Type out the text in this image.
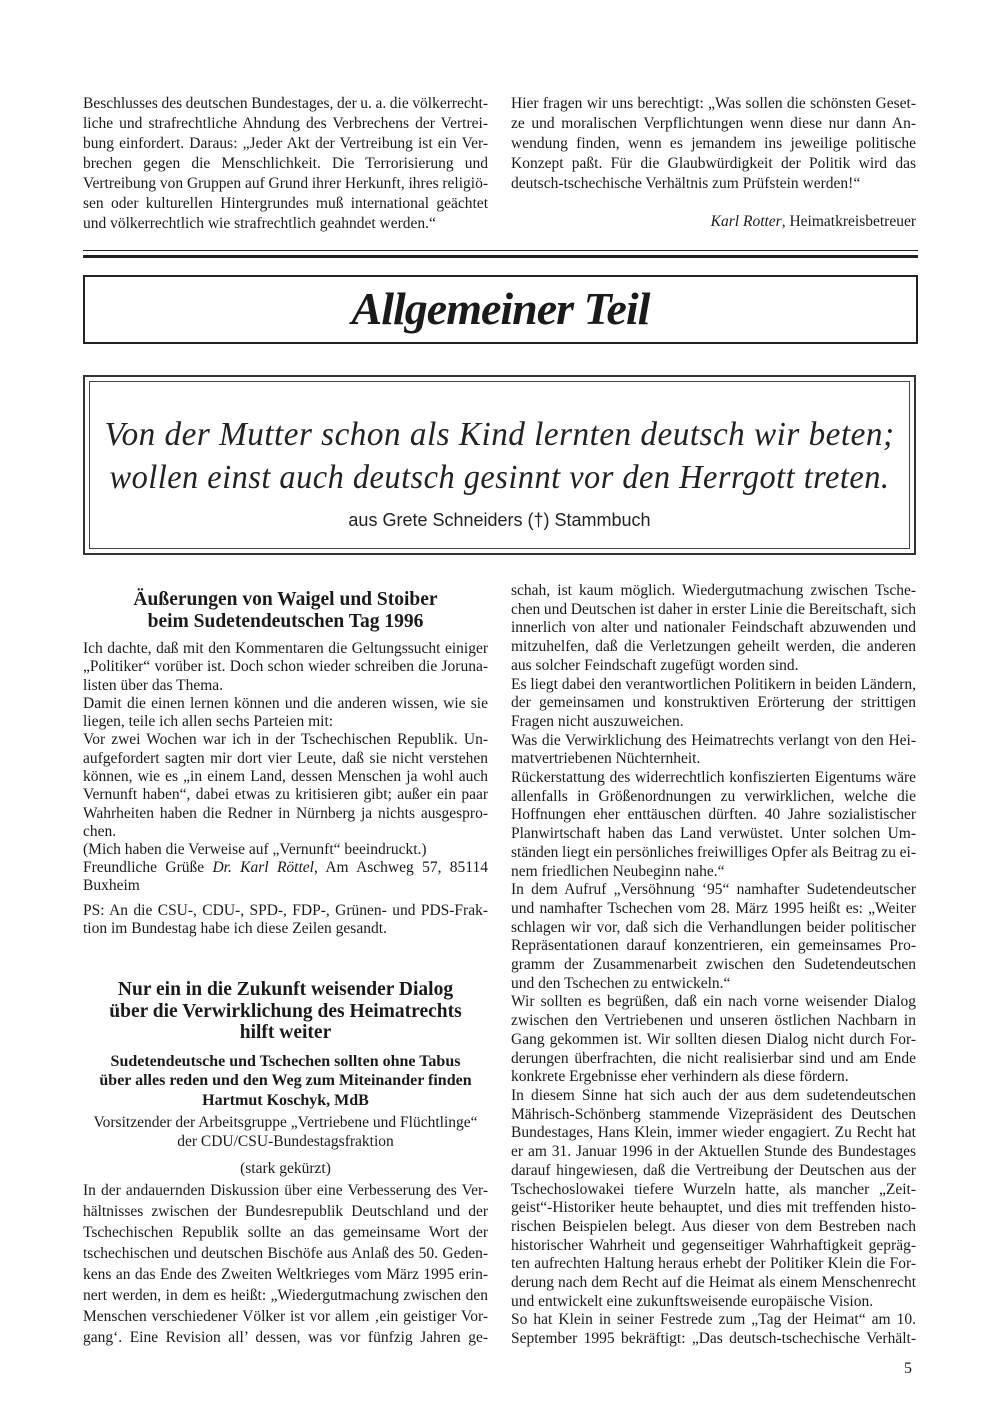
Beschlusses des deutschen Bundestages, der u. a. die völkerrecht-
liche und strafrechtliche Ahndung des Verbrechens der Vertrei-
bung einfordert. Daraus: „Jeder Akt der Vertreibung ist ein Ver-
brechen gegen die Menschlichkeit. Die Terrorisierung und
Vertreibung von Gruppen auf Grund ihrer Herkunft, ihres religiö-
sen oder kulturellen Hintergrundes muß international geächtet
und völkerrechtlich wie strafrechtlich geahndet werden.“
Hier fragen wir uns berechtigt: „Was sollen die schönsten Geset-
ze und moralischen Verpflichtungen wenn diese nur dann An-
wendung finden, wenn es jemandem ins jeweilige politische
Konzept paßt. Für die Glaubwürdigkeit der Politik wird das
deutsch-tschechische Verhältnis zum Prüfstein werden!“
Karl Rotter, Heimatkreisbetreuer
Allgemeiner Teil
Von der Mutter schon als Kind lernten deutsch wir beten;
wollen einst auch deutsch gesinnt vor den Herrgott treten.
aus Grete Schneiders (†) Stammbuch
Äußerungen von Waigel und Stoiber
beim Sudetendeutschen Tag 1996
Ich dachte, daß mit den Kommentaren die Geltungssucht einiger
„Politiker“ vorüber ist. Doch schon wieder schreiben die Joruna-
listen über das Thema.
Damit die einen lernen können und die anderen wissen, wie sie
liegen, teile ich allen sechs Parteien mit:
Vor zwei Wochen war ich in der Tschechischen Republik. Un-
aufgefordert sagten mir dort vier Leute, daß sie nicht verstehen
können, wie es „in einem Land, dessen Menschen ja wohl auch
Vernunft haben“, dabei etwas zu kritisieren gibt; außer ein paar
Wahrheiten haben die Redner in Nürnberg ja nichts ausgespro-
chen.
(Mich haben die Verweise auf „Vernunft“ beeindruckt.)
Freundliche Grüße Dr. Karl Röttel, Am Aschweg 57, 85114
Buxheim
PS: An die CSU-, CDU-, SPD-, FDP-, Grünen- und PDS-Frak-
tion im Bundestag habe ich diese Zeilen gesandt.
Nur ein in die Zukunft weisender Dialog
über die Verwirklichung des Heimatrechts
hilft weiter
Sudetendeutsche und Tschechen sollten ohne Tabus
über alles reden und den Weg zum Miteinander finden
Hartmut Koschyk, MdB
Vorsitzender der Arbeitsgruppe „Vertriebene und Flüchtlinge“
der CDU/CSU-Bundestagsfraktion
(stark gekürzt)
In der andauernden Diskussion über eine Verbesserung des Ver-
hältnisses zwischen der Bundesrepublik Deutschland und der
Tschechischen Republik sollte an das gemeinsame Wort der
tschechischen und deutschen Bischöfe aus Anlaß des 50. Geden-
kens an das Ende des Zweiten Weltkrieges vom März 1995 erin-
nert werden, in dem es heißt: „Wiedergutmachung zwischen den
Menschen verschiedener Völker ist vor allem ‚ein geistiger Vor-
gang‘. Eine Revision all’ dessen, was vor fünfzig Jahren ge-
schah, ist kaum möglich. Wiedergutmachung zwischen Tsche-
chen und Deutschen ist daher in erster Linie die Bereitschaft, sich
innerlich von alter und nationaler Feindschaft abzuwenden und
mitzuhelfen, daß die Verletzungen geheilt werden, die anderen
aus solcher Feindschaft zugefügt worden sind.
Es liegt dabei den verantwortlichen Politikern in beiden Ländern,
der gemeinsamen und konstruktiven Erörterung der strittigen
Fragen nicht auszuweichen.
Was die Verwirklichung des Heimatrechts verlangt von den Hei-
matvertriebenen Nüchternheit.
Rückerstattung des widerrechtlich konfiszierten Eigentums wäre
allenfalls in Größenordnungen zu verwirklichen, welche die
Hoffnungen eher enttäuschen dürften. 40 Jahre sozialistischer
Planwirtschaft haben das Land verwüstet. Unter solchen Um-
ständen liegt ein persönliches freiwilliges Opfer als Beitrag zu ei-
nem friedlichen Neubeginn nahe.“
In dem Aufruf „Versöhnung ‘95“ namhafter Sudetendeutscher
und namhafter Tschechen vom 28. März 1995 heißt es: „Weiter
schlagen wir vor, daß sich die Verhandlungen beider politischer
Repräsentationen darauf konzentrieren, ein gemeinsames Pro-
gramm der Zusammenarbeit zwischen den Sudetendeutschen
und den Tschechen zu entwickeln.“
Wir sollten es begrüßen, daß ein nach vorne weisender Dialog
zwischen den Vertriebenen und unseren östlichen Nachbarn in
Gang gekommen ist. Wir sollten diesen Dialog nicht durch For-
derungen überfrachten, die nicht realisierbar sind und am Ende
konkrete Ergebnisse eher verhindern als diese fördern.
In diesem Sinne hat sich auch der aus dem sudetendeutschen
Mährisch-Schönberg stammende Vizepräsident des Deutschen
Bundestages, Hans Klein, immer wieder engagiert. Zu Recht hat
er am 31. Januar 1996 in der Aktuellen Stunde des Bundestages
darauf hingewiesen, daß die Vertreibung der Deutschen aus der
Tschechoslowakei tiefere Wurzeln hatte, als mancher „Zeit-
geist“-Historiker heute behauptet, und dies mit treffenden histo-
rischen Beispielen belegt. Aus dieser von dem Bestreben nach
historischer Wahrheit und gegenseitiger Wahrhaftigkeit gepräg-
ten aufrechten Haltung heraus erhebt der Politiker Klein die For-
derung nach dem Recht auf die Heimat als einem Menschenrecht
und entwickelt eine zukunftsweisende europäische Vision.
So hat Klein in seiner Festrede zum „Tag der Heimat“ am 10.
September 1995 bekräftigt: „Das deutsch-tschechische Verhält-
5
